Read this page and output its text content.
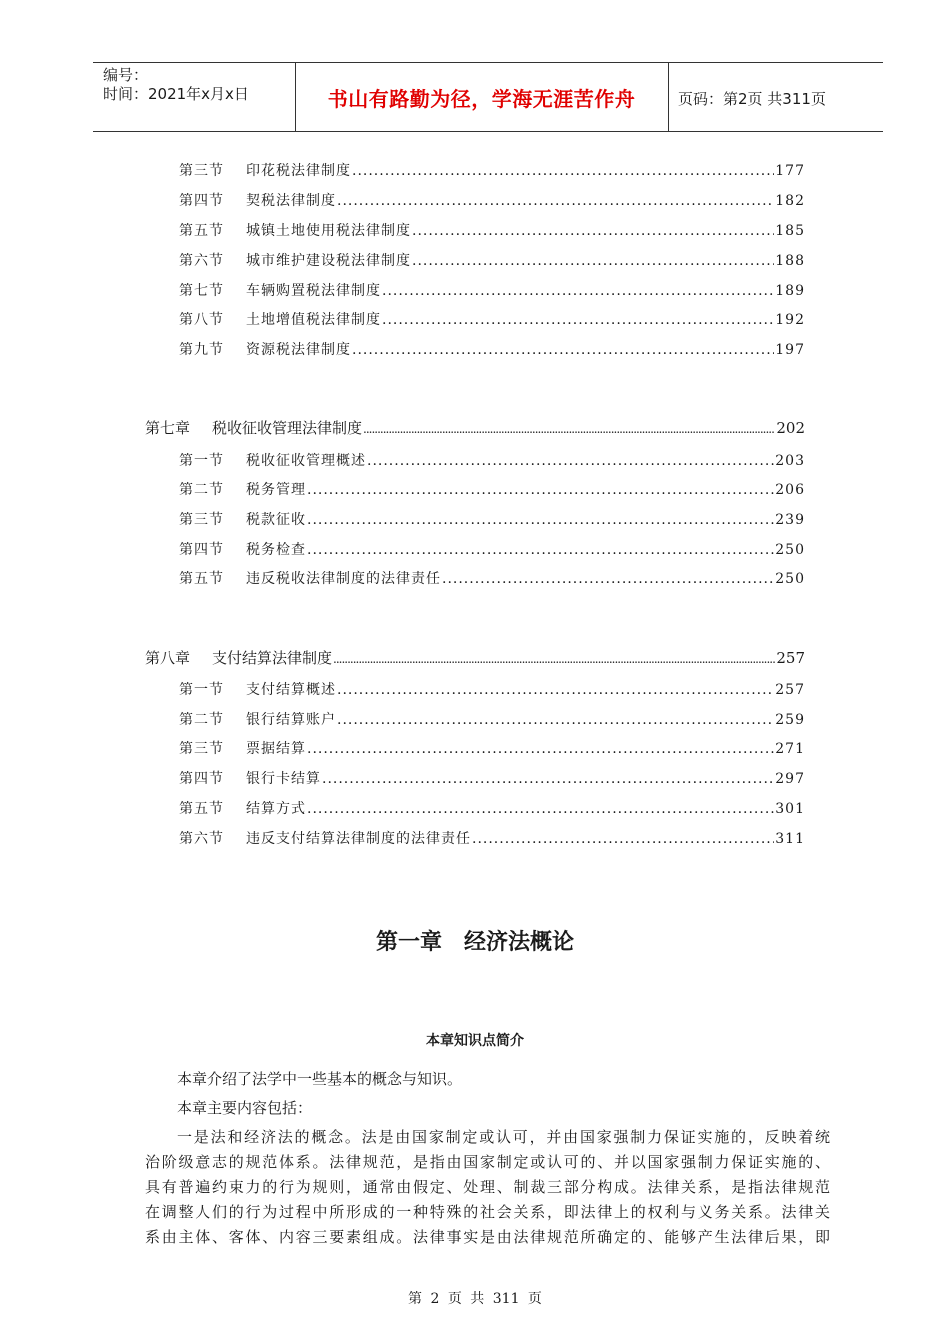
编号：
时间：2021年x月x日	书山有路勤为径，学海无涯苦作舟	页码：第2页 共311页
第三节	印花税法律制度 .....	177
第四节	契税法律制度 .....	182
第五节	城镇土地使用税法律制度 .....	185
第六节	城市维护建设税法律制度 .....	188
第七节	车辆购置税法律制度 .....	189
第八节	土地增值税法律制度 .....	192
第九节	资源税法律制度 .....	197
第七章	税收征收管理法律制度 .....	202
第一节	税收征收管理概述 .....	203
第二节	税务管理 .....	206
第三节	税款征收 .....	239
第四节	税务检查 .....	250
第五节	违反税收法律制度的法律责任 .....	250
第八章	支付结算法律制度 .....	257
第一节	支付结算概述 .....	257
第二节	银行结算账户 .....	259
第三节	票据结算 .....	271
第四节	银行卡结算 .....	297
第五节	结算方式 .....	301
第六节	违反支付结算法律制度的法律责任 .....	311
第一章　经济法概论
本章知识点简介
本章介绍了法学中一些基本的概念与知识。
本章主要内容包括：
一是法和经济法的概念。法是由国家制定或认可，并由国家强制力保证实施的，反映着统
治阶级意志的规范体系。法律规范，是指由国家制定或认可的、并以国家强制力保证实施的、
具有普遍约束力的行为规则，通常由假定、处理、制裁三部分构成。法律关系，是指法律规范
在调整人们的行为过程中所形成的一种特殊的社会关系，即法律上的权利与义务关系。法律关
系由主体、客体、内容三要素组成。法律事实是由法律规范所确定的、能够产生法律后果，即
第 2 页 共 311 页
